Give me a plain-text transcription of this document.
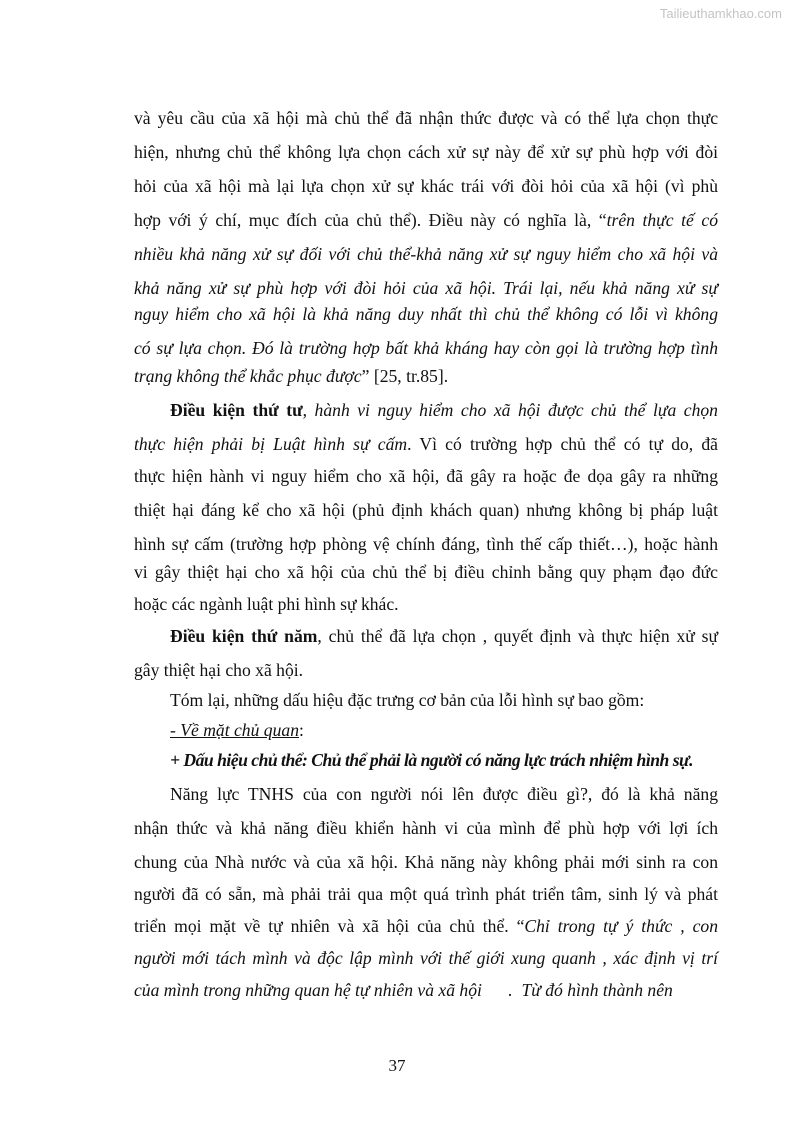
Tailieuthamkhao.com
và yêu cầu của xã hội mà chủ thể đã nhận thức được và có thể lựa chọn thực
hiện, nhưng chủ thể không lựa chọn cách xử sự này để xử sự phù hợp với đòi
hỏi của xã hội mà lại lựa chọn xử sự khác trái với đòi hỏi của xã hội (vì phù
hợp với ý chí, mục đích của chủ thể). Điều này có nghĩa là, “trên thực tế có
nhiều khả năng xử sự đối với chủ thể-khả năng xử sự nguy hiểm cho xã hội và
khả năng xử sự phù hợp với đòi hỏi của xã hội. Trái lại, nếu khả năng xử sự
nguy hiểm cho xã hội là khả năng duy nhất thì chủ thể không có lỗi vì không
có sự lựa chọn. Đó là trường hợp bất khả kháng hay còn gọi là trường hợp tình
trạng không thể khắc phục được” [25, tr.85].
Điều kiện thứ tư, hành vi nguy hiểm cho xã hội được chủ thể lựa chọn
thực hiện phải bị Luật hình sự cấm. Vì có trường hợp chủ thể có tự do, đã
thực hiện hành vi nguy hiểm cho xã hội, đã gây ra hoặc đe dọa gây ra những
thiệt hại đáng kể cho xã hội (phủ định khách quan) nhưng không bị pháp luật
hình sự cấm (trường hợp phòng vệ chính đáng, tình thế cấp thiết…), hoặc hành
vi gây thiệt hại cho xã hội của chủ thể bị điều chỉnh bằng quy phạm đạo đức
hoặc các ngành luật phi hình sự khác.
Điều kiện thứ năm, chủ thể đã lựa chọn , quyết định và thực hiện xử sự
gây thiệt hại cho xã hội.
Tóm lại, những dấu hiệu đặc trưng cơ bản của lỗi hình sự bao gồm:
- Về mặt chủ quan:
+ Dấu hiệu chủ thể: Chủ thể phải là người có năng lực trách nhiệm hình sự.
Năng lực TNHS của con người nói lên được điều gì?, đó là khả năng
nhận thức và khả năng điều khiển hành vi của mình để phù hợp với lợi ích
chung của Nhà nước và của xã hội. Khả năng này không phải mới sinh ra con
người đã có sẵn, mà phải trải qua một quá trình phát triển tâm, sinh lý và phát
triển mọi mặt về tự nhiên và xã hội của chủ thể. “Chỉ trong tự ý thức , con
người mới tách mình và độc lập mình với thế giới xung quanh , xác định vị trí
của mình trong những quan hệ tự nhiên và xã hội      .  Từ đó hình thành nên
37
